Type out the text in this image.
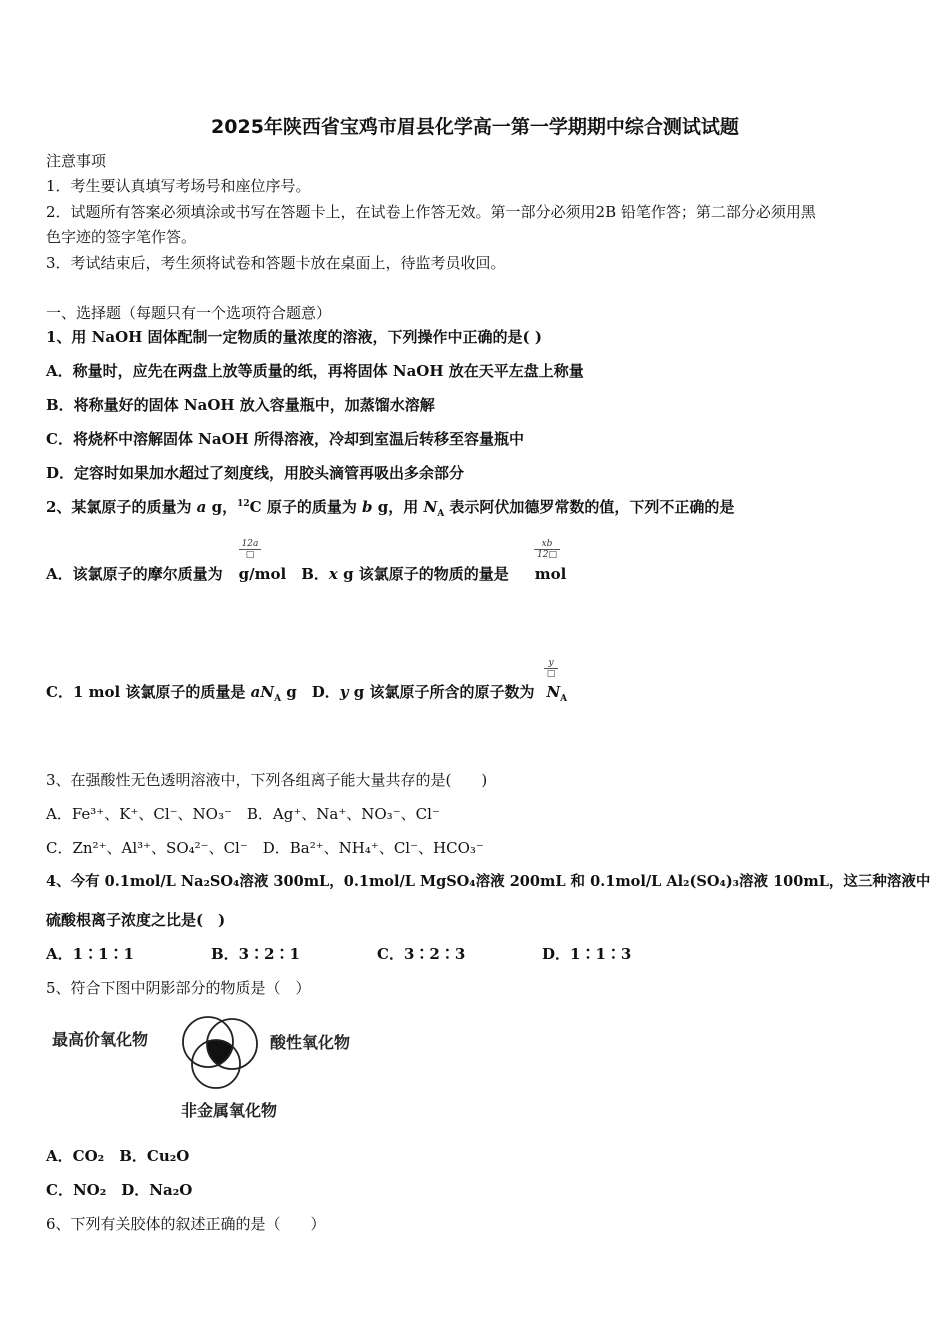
2025年陕西省宝鸡市眉县化学高一第一学期期中综合测试试题
注意事项
1．考生要认真填写考场号和座位序号。
2．试题所有答案必须填涂或书写在答题卡上，在试卷上作答无效。第一部分必须用2B 铅笔作答；第二部分必须用黑
色字迹的签字笔作答。
3．考试结束后，考生须将试卷和答题卡放在桌面上，待监考员收回。
一、选择题（每题只有一个选项符合题意）
1、用 NaOH 固体配制一定物质的量浓度的溶液，下列操作中正确的是( )
A．称量时，应先在两盘上放等质量的纸，再将固体 NaOH 放在天平左盘上称量
B．将称量好的固体 NaOH 放入容量瓶中，加蒸馏水溶解
C．将烧杯中溶解固体 NaOH 所得溶液，冷却到室温后转移至容量瓶中
D．定容时如果加水超过了刻度线，用胶头滴管再吸出多余部分
2、某氯原子的质量为 a g，$^{12}$C 原子的质量为 b g，用 $N_A$ 表示阿伏加德罗常数的值，下列不正确的是
12a
□	$\frac{xb}{12□}$
A．该氯原子的摩尔质量为 g/mol　 B．x g 该氯原子的物质的量是 mol
y
□
C．1 mol 该氯原子的质量是 $aN_A$ g　 D．y g 该氯原子所含的原子数为 $N_A$
3、在强酸性无色透明溶液中，下列各组离子能大量共存的是(　　)
A．Fe³⁺、K⁺、Cl⁻、NO₃⁻　B．Ag⁺、Na⁺、NO₃⁻、Cl⁻
C．Zn²⁺、Al³⁺、SO₄²⁻、Cl⁻　D．Ba²⁺、NH₄⁺、Cl⁻、HCO₃⁻
4、今有 0.1mol/L Na₂SO₄溶液 300mL，0.1mol/L MgSO₄溶液 200mL 和 0.1mol/L Al₂(SO₄)₃溶液 100mL，这三种溶液中
硫酸根离子浓度之比是(　)
A．1∶1∶1	B．3∶2∶1	C．3∶2∶3	D．1∶1∶3
5、符合下图中阴影部分的物质是（　）
最高价氧化物	酸性氧化物
非金属氧化物
A．CO₂　B．Cu₂O
C．NO₂　D．Na₂O
6、下列有关胶体的叙述正确的是（　　）
